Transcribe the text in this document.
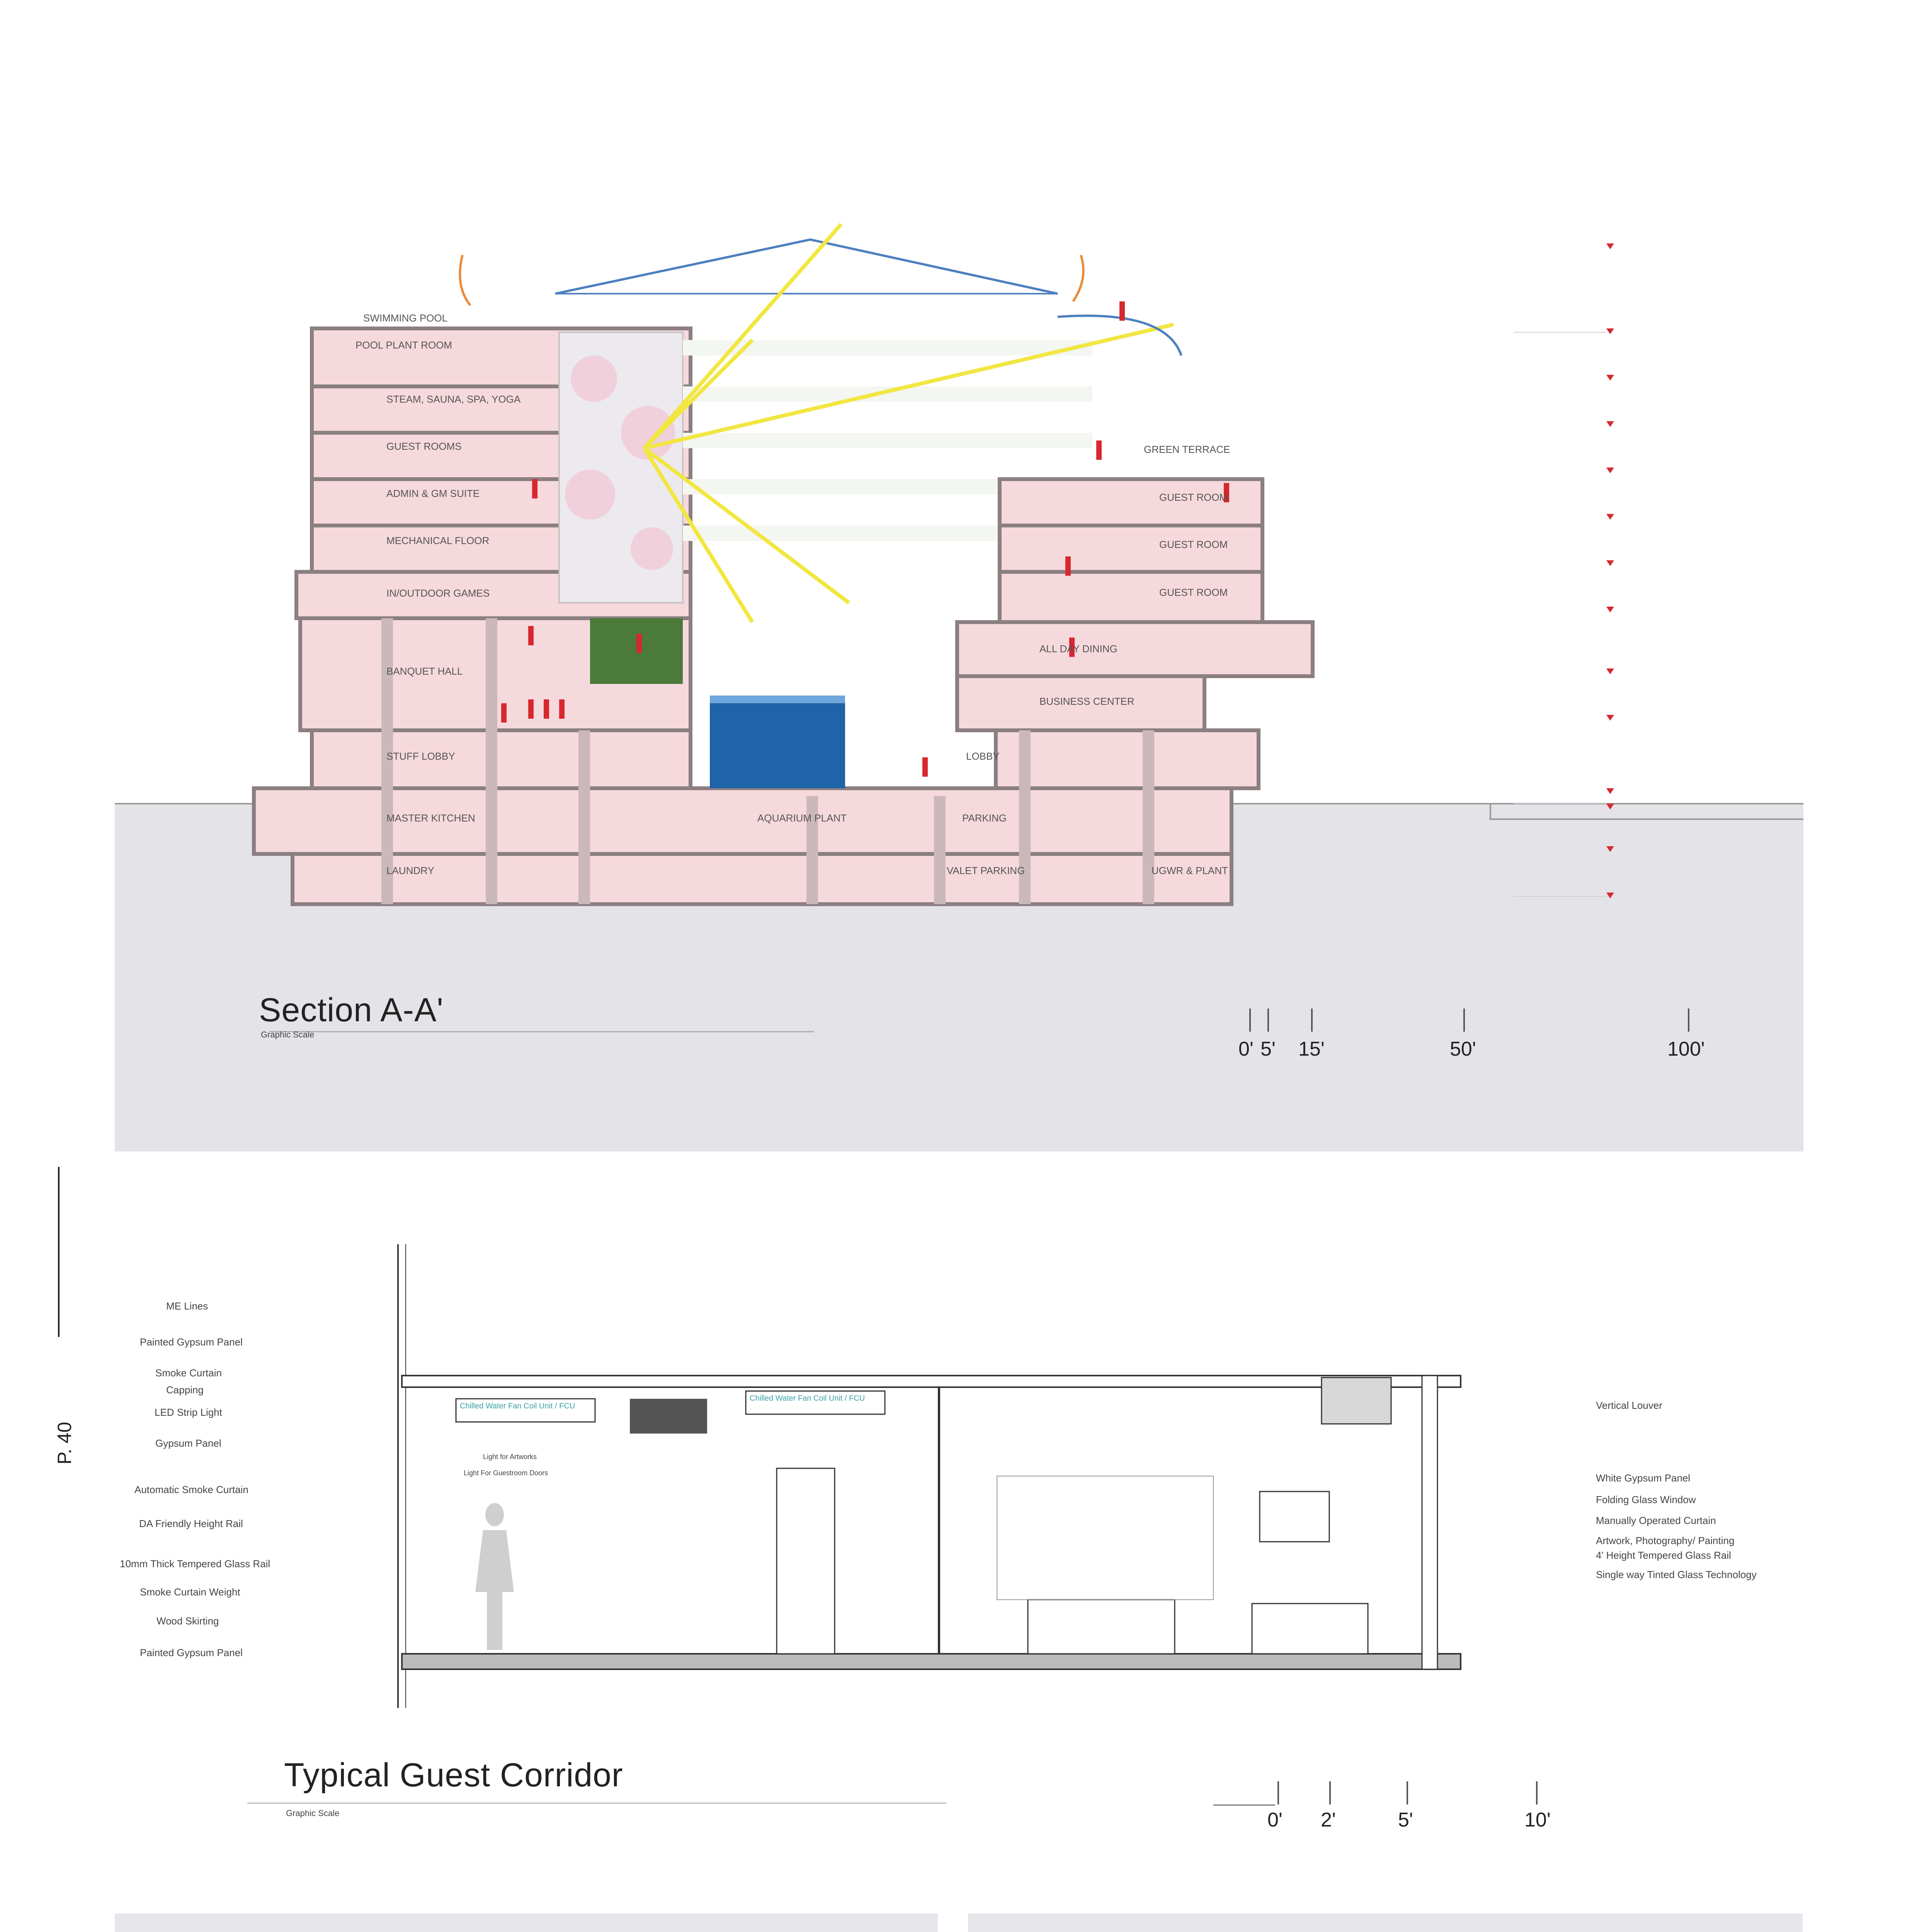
SWIMMING POOL
POOL PLANT ROOM
STEAM, SAUNA, SPA, YOGA
GUEST ROOMS
ADMIN & GM SUITE
MECHANICAL FLOOR
IN/OUTDOOR GAMES
BANQUET HALL
STUFF LOBBY
MASTER KITCHEN
LAUNDRY
AQUARIUM PLANT	PARKING
VALET PARKING	UGWR & PLANT
LOBBY
BUSINESS CENTER
ALL DAY DINING
GREEN TERRACE
GUEST ROOM
GUEST ROOM
GUEST ROOM
Section A-A'
Graphic Scale
0' 5' 15'	50'	100'
P. 40
ME Lines
Painted Gypsum Panel
Smoke Curtain
Capping
LED Strip Light
Gypsum Panel
Automatic Smoke Curtain
DA Friendly Height Rail
10mm Thick Tempered Glass Rail
Smoke Curtain Weight
Wood Skirting
Painted Gypsum Panel
Vertical Louver
White Gypsum Panel
Folding Glass Window
Manually Operated Curtain
Artwork, Photography/ Painting
4' Height Tempered Glass Rail
Single way Tinted Glass Technology
Chilled Water Fan Coil Unit / FCU
Chilled Water Fan Coil Unit / FCU
Light for Artworks
Light For Guestroom Doors
Typical Guest Corridor
Graphic Scale	0' 2'	5'	10'
